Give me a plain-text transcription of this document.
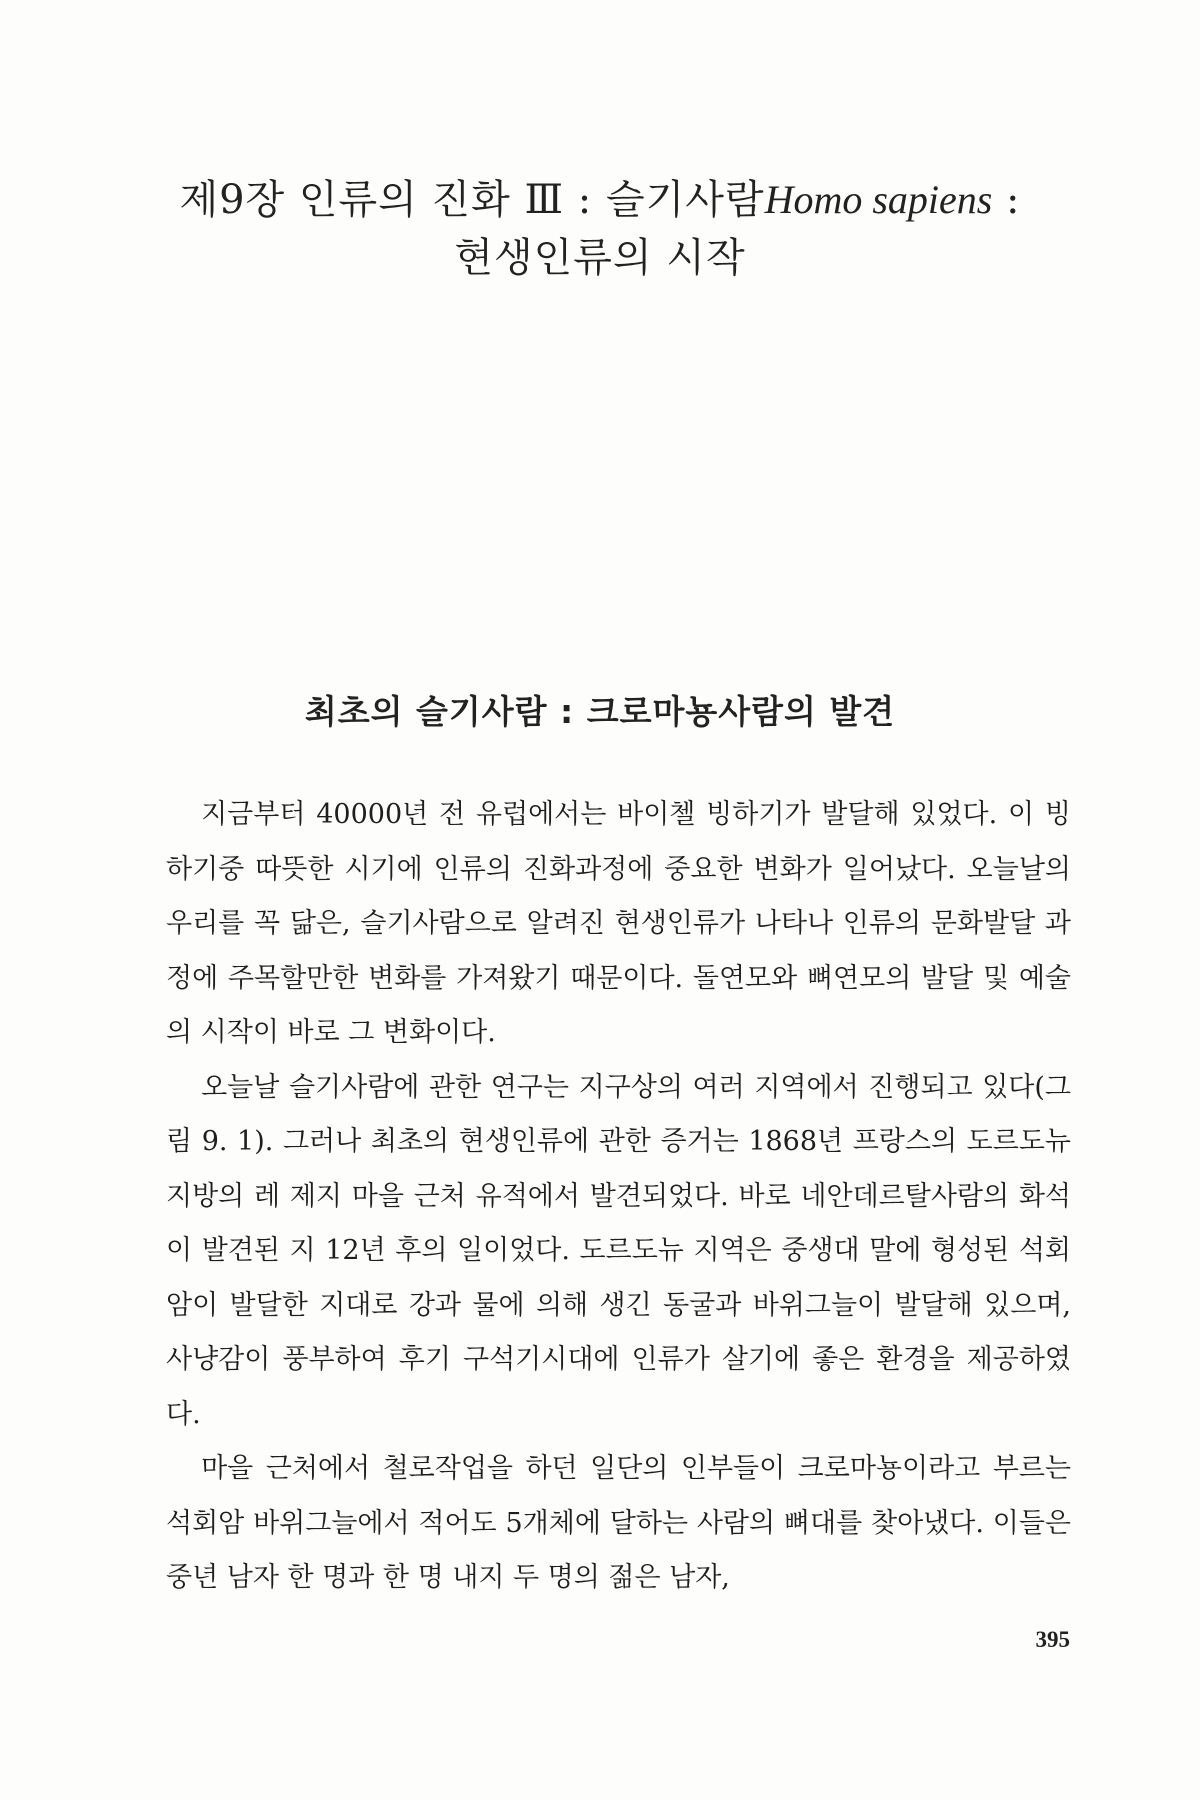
제9장 인류의 진화 Ⅲ : 슬기사람Homo sapiens :
현생인류의 시작
최초의 슬기사람 : 크로마뇽사람의 발견

지금부터 40000년 전 유럽에서는 바이첼 빙하기가 발달해 있었다. 이 빙하기중 따뜻한 시기에 인류의 진화과정에 중요한 변화가 일어났다. 오늘날의 우리를 꼭 닮은, 슬기사람으로 알려진 현생인류가 나타나 인류의 문화발달 과정에 주목할만한 변화를 가져왔기 때문이다. 돌연모와 뼈연모의 발달 및 예술의 시작이 바로 그 변화이다.

오늘날 슬기사람에 관한 연구는 지구상의 여러 지역에서 진행되고 있다(그림 9. 1). 그러나 최초의 현생인류에 관한 증거는 1868년 프랑스의 도르도뉴 지방의 레 제지 마을 근처 유적에서 발견되었다. 바로 네안데르탈사람의 화석이 발견된 지 12년 후의 일이었다. 도르도뉴 지역은 중생대 말에 형성된 석회암이 발달한 지대로 강과 물에 의해 생긴 동굴과 바위그늘이 발달해 있으며, 사냥감이 풍부하여 후기 구석기시대에 인류가 살기에 좋은 환경을 제공하였다.

마을 근처에서 철로작업을 하던 일단의 인부들이 크로마뇽이라고 부르는 석회암 바위그늘에서 적어도 5개체에 달하는 사람의 뼈대를 찾아냈다. 이들은 중년 남자 한 명과 한 명 내지 두 명의 젊은 남자,

395
